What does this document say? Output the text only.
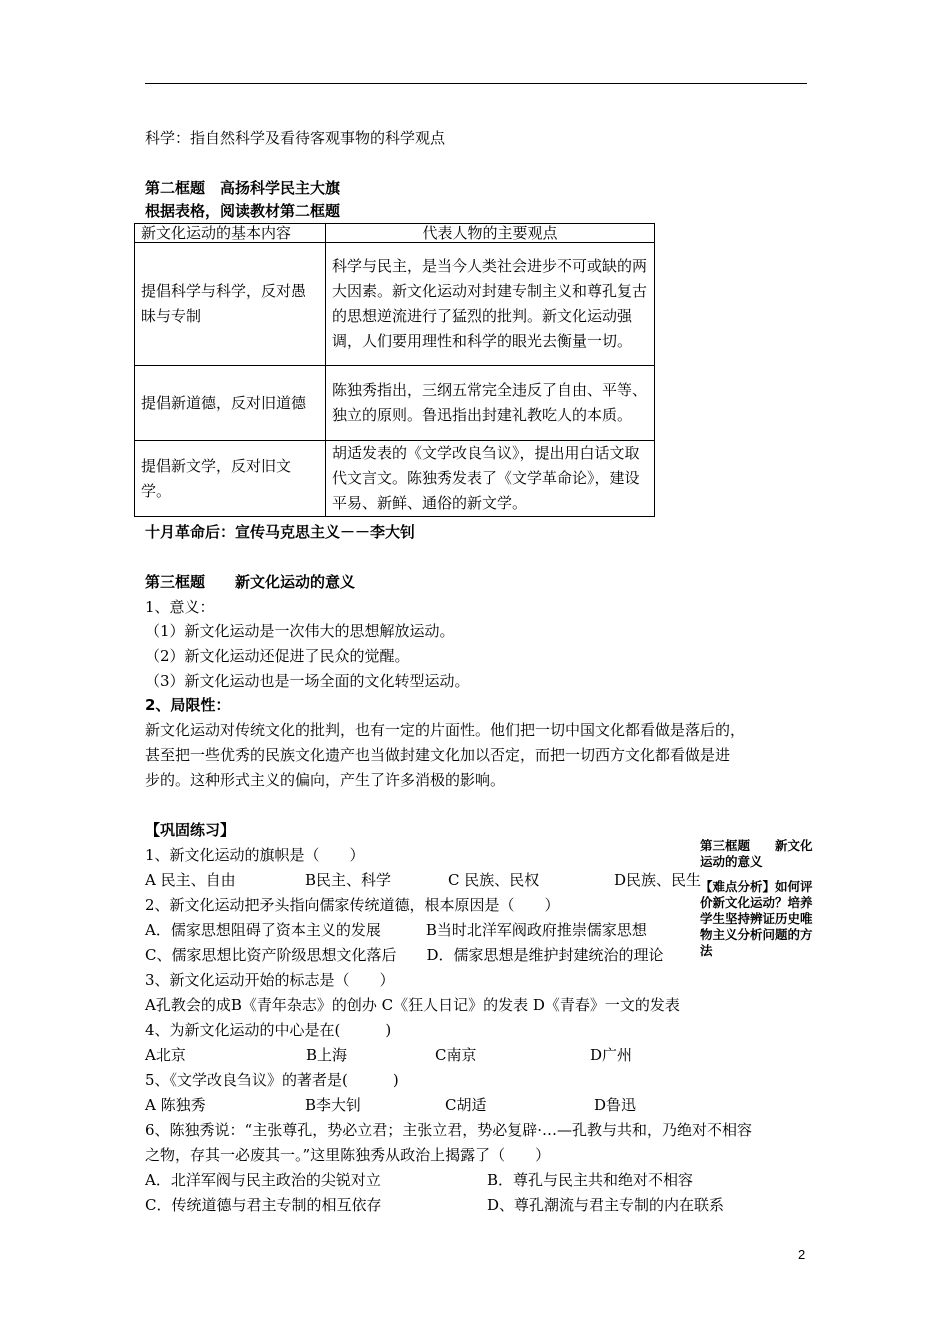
科学：指自然科学及看待客观事物的科学观点
第二框题　高扬科学民主大旗
根据表格，阅读教材第二框题
新文化运动的基本内容	代表人物的主要观点
提倡科学与科学，反对愚昧与专制	科学与民主，是当今人类社会进步不可或缺的两大因素。新文化运动对封建专制主义和尊孔复古的思想逆流进行了猛烈的批判。新文化运动强调，人们要用理性和科学的眼光去衡量一切。
提倡新道德，反对旧道德	陈独秀指出，三纲五常完全违反了自由、平等、独立的原则。鲁迅指出封建礼教吃人的本质。
提倡新文学，反对旧文学。	胡适发表的《文学改良刍议》，提出用白话文取代文言文。陈独秀发表了《文学革命论》，建设平易、新鲜、通俗的新文学。
十月革命后：宣传马克思主义－－李大钊
第三框题　　新文化运动的意义
1、意义：
（1）新文化运动是一次伟大的思想解放运动。
（2）新文化运动还促进了民众的觉醒。
（3）新文化运动也是一场全面的文化转型运动。
2、局限性：
新文化运动对传统文化的批判，也有一定的片面性。他们把一切中国文化都看做是落后的，
甚至把一些优秀的民族文化遗产也当做封建文化加以否定，而把一切西方文化都看做是进
步的。这种形式主义的偏向，产生了许多消极的影响。
【巩固练习】
1、新文化运动的旗帜是（　　）
A 民主、自由	B民主、科学	C 民族、民权	D民族、民生
2、新文化运动把矛头指向儒家传统道德，根本原因是（　　）
A．儒家思想阻碍了资本主义的发展　　　B当时北洋军阀政府推崇儒家思想
C、儒家思想比资产阶级思想文化落后　　D．儒家思想是维护封建统治的理论
3、新文化运动开始的标志是（　　）
A孔教会的成B《青年杂志》的创办 C《狂人日记》的发表 D《青春》一文的发表
4、为新文化运动的中心是在(　　　)
A北京	B上海	C南京	D广州
5、《文学改良刍议》的著者是(　　　)
A 陈独秀	B李大钊	C胡适	D鲁迅
6、陈独秀说：“主张尊孔，势必立君；主张立君，势必复辟·…—孔教与共和，乃绝对不相容
之物，存其一必废其一。”这里陈独秀从政治上揭露了（　　）
A．北洋军阀与民主政治的尖锐对立	B．尊孔与民主共和绝对不相容
C．传统道德与君主专制的相互依存	D、尊孔潮流与君主专制的内在联系
第三框题　　新文化运动的意义
【难点分析】如何评价新文化运动？培养学生坚持辨证历史唯物主义分析问题的方法
2
